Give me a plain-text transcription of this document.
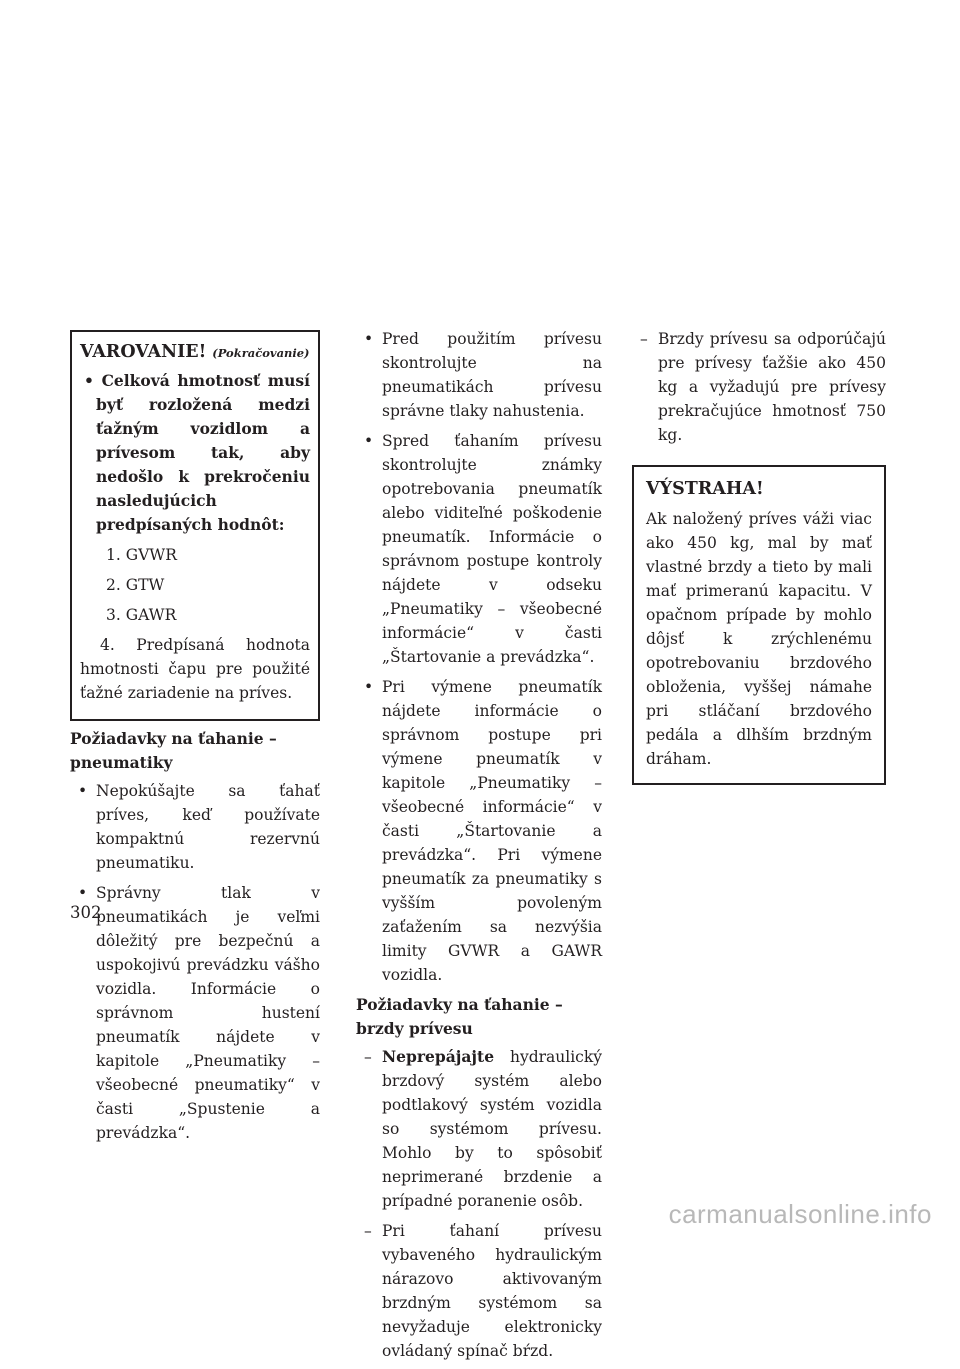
VAROVANIE! (Pokračovanie)
• Celková hmotnosť musí byť rozložená medzi ťažným vozidlom a prívesom tak, aby nedošlo k prekročeniu nasledujúcich predpísaných hodnôt:
1. GVWR
2. GTW
3. GAWR
4. Predpísaná hodnota hmotnosti čapu pre použité ťažné zariadenie na príves.
Požiadavky na ťahanie – pneumatiky
• Nepokúšajte sa ťahať príves, keď používate kompaktnú rezervnú pneumatiku.
• Správny tlak v pneumatikách je veľmi dôležitý pre bezpečnú a uspokojivú prevádzku vášho vozidla. Informácie o správnom hustení pneumatík nájdete v kapitole „Pneumatiky – všeobecné pneumatiky“ v časti „Spustenie a prevádzka“.
• Pred použitím prívesu skontrolujte na pneumatikách prívesu správne tlaky nahustenia.
• Spred ťahaním prívesu skontrolujte známky opotrebovania pneumatík alebo viditeľné poškodenie pneumatík. Informácie o správnom postupe kontroly nájdete v odseku „Pneumatiky – všeobecné informácie“ v časti „Štartovanie a prevádzka“.
• Pri výmene pneumatík nájdete informácie o správnom postupe pri výmene pneumatík v kapitole „Pneumatiky – všeobecné informácie“ v časti „Štartovanie a prevádzka“. Pri výmene pneumatík za pneumatiky s vyšším povoleným zaťažením sa nezvýšia limity GVWR a GAWR vozidla.
Požiadavky na ťahanie – brzdy prívesu
– Neprepájajte hydraulický brzdový systém alebo podtlakový systém vozidla so systémom prívesu. Mohlo by to spôsobiť neprimerané brzdenie a prípadné poranenie osôb.
– Pri ťahaní prívesu vybaveného hydraulickým nárazovo aktivovaným brzdným systémom sa nevyžaduje elektronicky ovládaný spínač bŕzd.
– Brzdy prívesu sa odporúčajú pre prívesy ťažšie ako 450 kg a vyžadujú pre prívesy prekračujúce hmotnosť 750 kg.
VÝSTRAHA!

Ak naložený príves váži viac ako 450 kg, mal by mať vlastné brzdy a tieto by mali mať primeranú kapacitu. V opačnom prípade by mohlo dôjsť k zrýchlenému opotrebovaniu brzdového obloženia, vyššej námahe pri stláčaní brzdového pedála a dlhším brzdným dráham.

302
carmanualsonline.info
